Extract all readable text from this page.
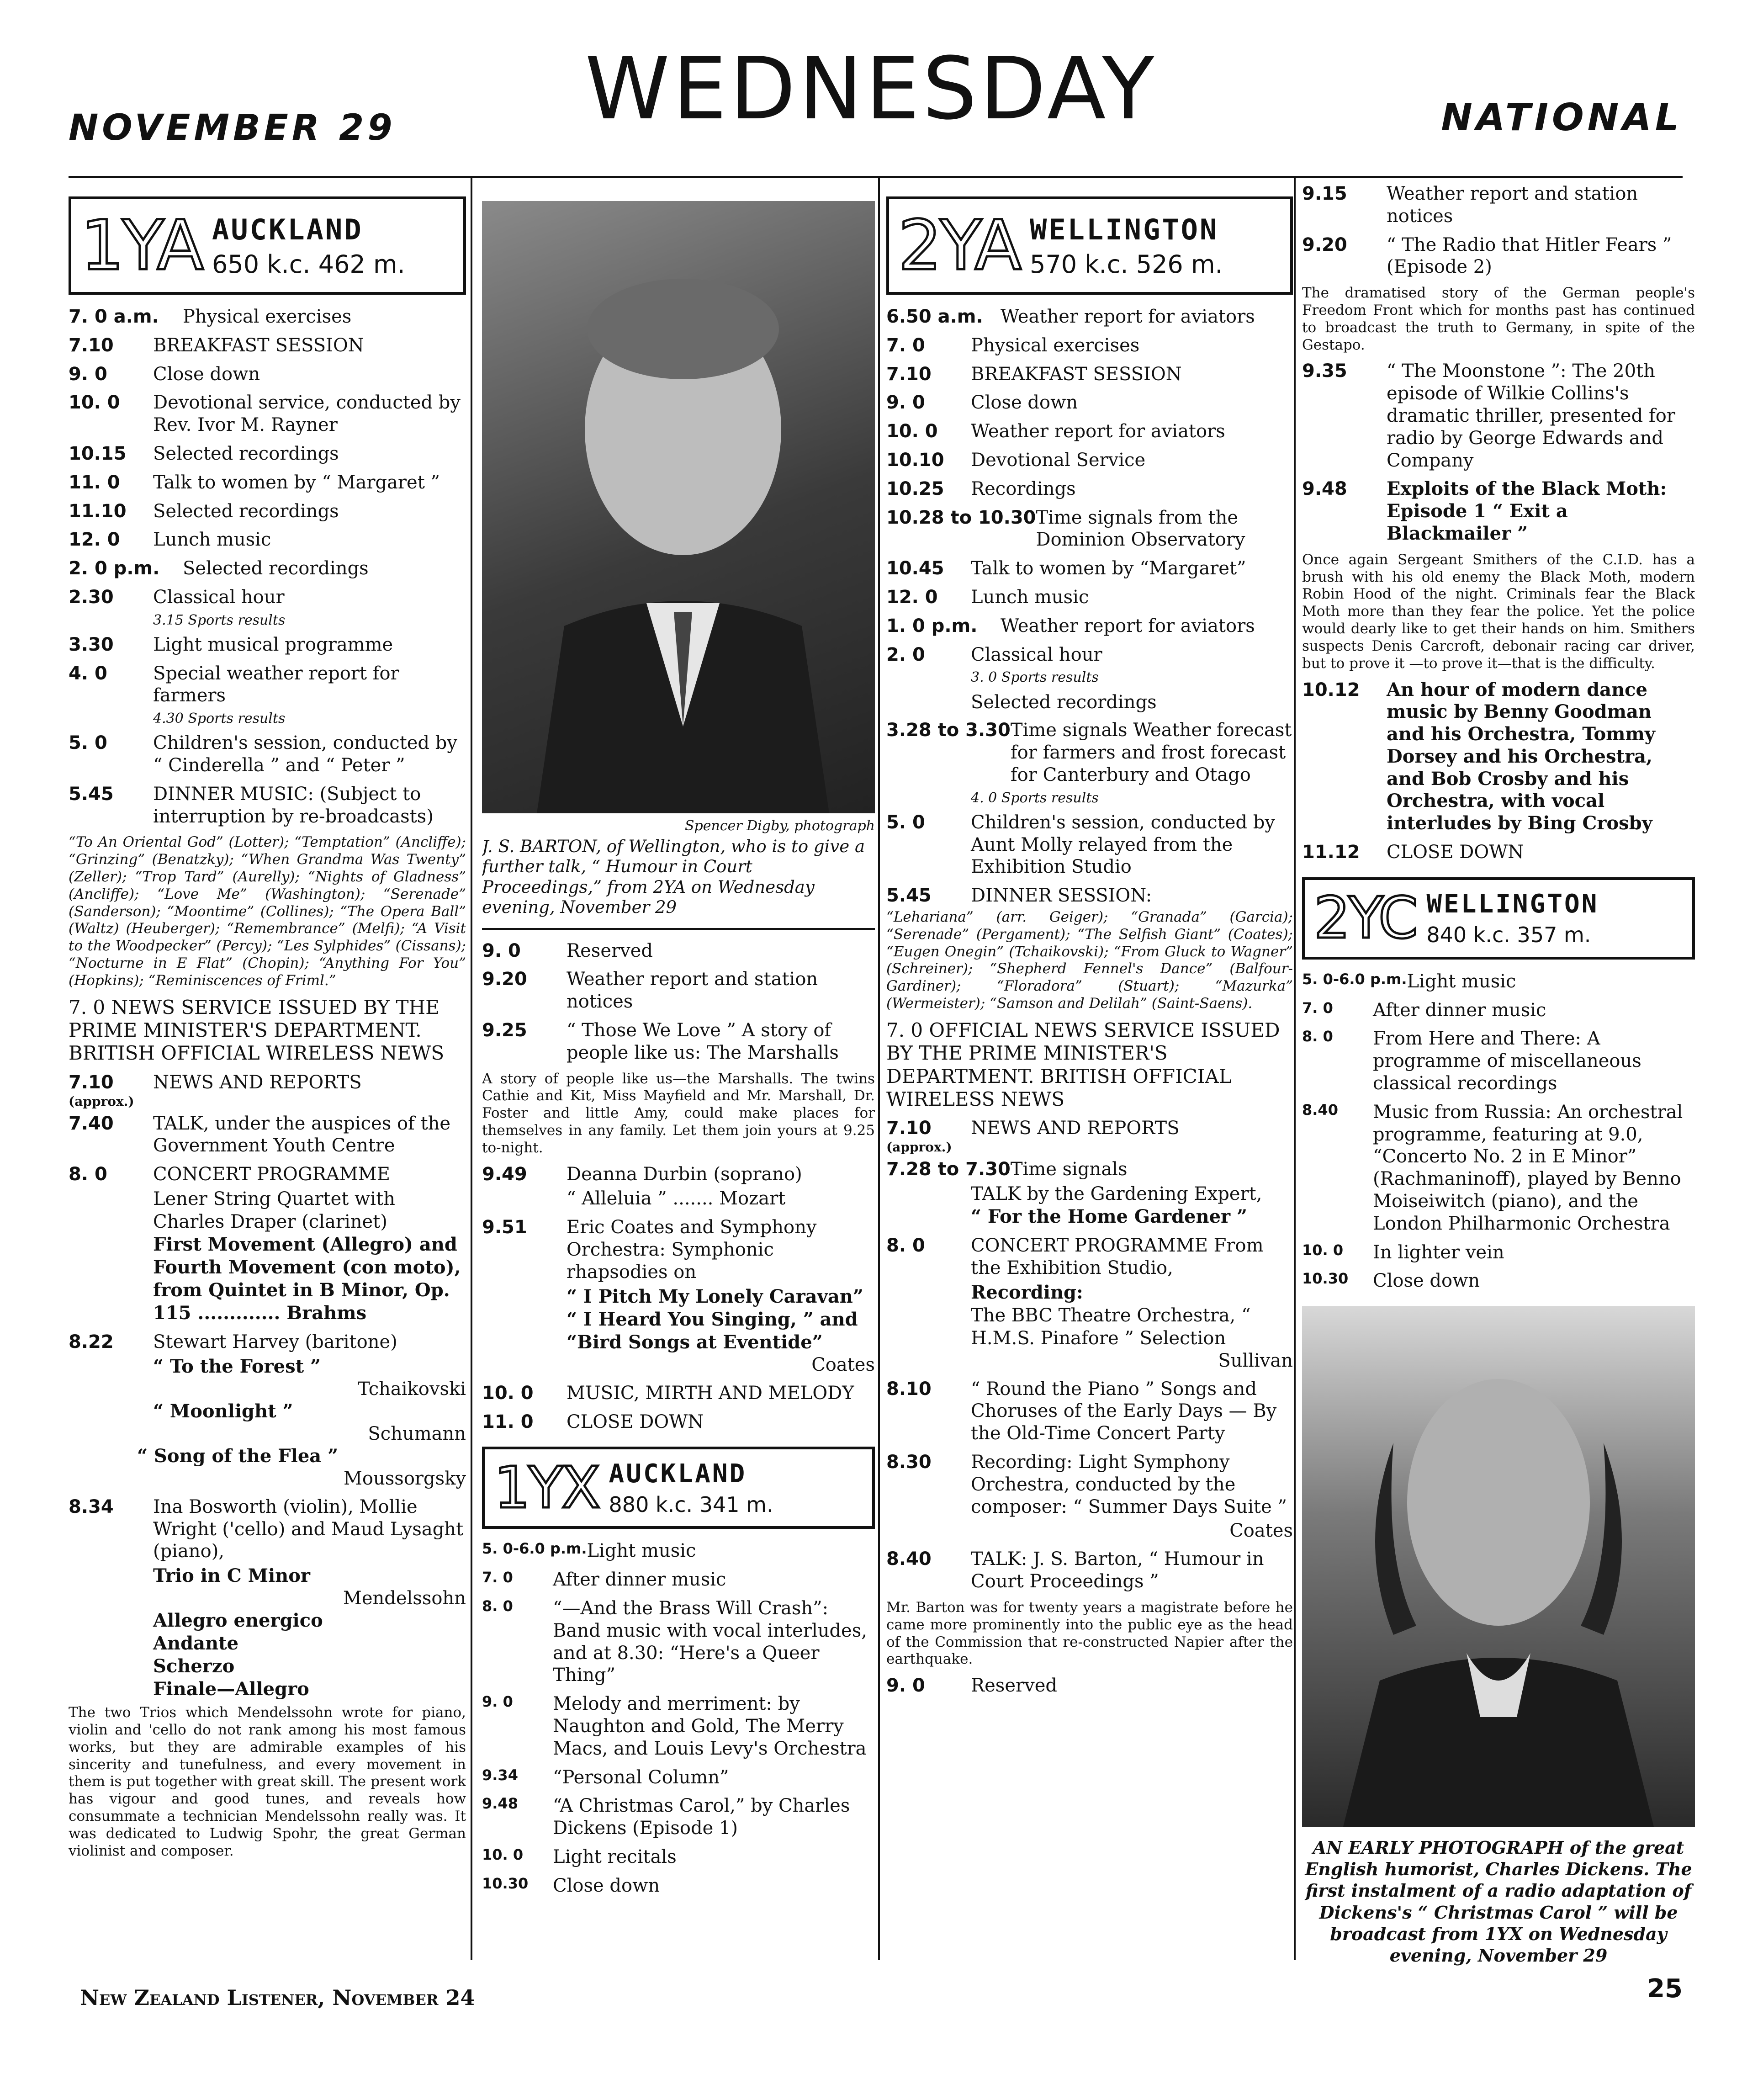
NOVEMBER 29	WEDNESDAY	NATIONAL
1YA AUCKLAND
650 k.c. 462 m.
7. 0 a.m.	Physical exercises
7.10	BREAKFAST SESSION
9. 0	Close down
10. 0	Devotional service, conducted by Rev. Ivor M. Rayner
10.15	Selected recordings
11. 0	Talk to women by “ Margaret ”
11.10	Selected recordings
12. 0	Lunch music
2. 0 p.m.	Selected recordings
2.30	Classical hour
3.15 Sports results
3.30	Light musical programme
4. 0	Special weather report for farmers
4.30 Sports results
5. 0	Children's session, conducted by “ Cinderella ” and “ Peter ”
5.45	DINNER MUSIC: (Subject to interruption by re-broadcasts)
“To An Oriental God” (Lotter); “Temptation” (Ancliffe); “Grinzing” (Benatzky); “When Grandma Was Twenty” (Zeller); “Trop Tard” (Aurelly); “Nights of Gladness” (Ancliffe); “Love Me” (Washington); “Serenade” (Sanderson); “Moontime” (Collines); “The Opera Ball” (Waltz) (Heuberger); “Remembrance” (Melfi); “A Visit to the Woodpecker” (Percy); “Les Sylphides” (Cissans); “Nocturne in E Flat” (Chopin); “Anything For You” (Hopkins); “Reminiscences of Friml.”
7. 0 NEWS SERVICE ISSUED BY THE PRIME MINISTER'S DEPARTMENT. BRITISH OFFICIAL WIRELESS NEWS
7.10	NEWS AND REPORTS
(approx.)
7.40	TALK, under the auspices of the Government Youth Centre
8. 0	CONCERT PROGRAMME
Lener String Quartet with Charles Draper (clarinet)
First Movement (Allegro) and Fourth Movement (con moto), from Quintet in B Minor, Op. 115 ............. Brahms
8.22	Stewart Harvey (baritone)
“ To the Forest ”
Tchaikovski
“ Moonlight ”
Schumann
“ Song of the Flea ”
Moussorgsky
8.34	Ina Bosworth (violin), Mollie Wright ('cello) and Maud Lysaght (piano),
Trio in C Minor
Mendelssohn
Allegro energico
Andante
Scherzo
Finale—Allegro
The two Trios which Mendelssohn wrote for piano, violin and 'cello do not rank among his most famous works, but they are admirable examples of his sincerity and tunefulness, and every movement in them is put together with great skill. The present work has vigour and good tunes, and reveals how consummate a technician Mendelssohn really was. It was dedicated to Ludwig Spohr, the great German violinist and composer.
Spencer Digby, photograph
J. S. BARTON, of Wellington, who is to give a further talk, “ Humour in Court Proceedings,” from 2YA on Wednesday evening, November 29
9. 0	Reserved
9.20	Weather report and station notices
9.25	“ Those We Love ” A story of people like us: The Marshalls
A story of people like us—the Marshalls. The twins Cathie and Kit, Miss Mayfield and Mr. Marshall, Dr. Foster and little Amy, could make places for themselves in any family. Let them join yours at 9.25 to-night.
9.49	Deanna Durbin (soprano)
“ Alleluia ” ....... Mozart
9.51	Eric Coates and Symphony Orchestra: Symphonic rhapsodies on
“ I Pitch My Lonely Caravan”
“ I Heard You Singing, ” and
“Bird Songs at Eventide”
Coates
10. 0	MUSIC, MIRTH AND MELODY
11. 0	CLOSE DOWN
1YX AUCKLAND
880 k.c. 341 m.
5. 0-6.0 p.m. Light music
7. 0	After dinner music
8. 0	“—And the Brass Will Crash”: Band music with vocal interludes, and at 8.30: “Here's a Queer Thing”
9. 0	Melody and merriment: by Naughton and Gold, The Merry Macs, and Louis Levy's Orchestra
9.34	“Personal Column”
9.48	“A Christmas Carol,” by Charles Dickens (Episode 1)
10. 0	Light recitals
10.30	Close down
2YA WELLINGTON
570 k.c. 526 m.
6.50 a.m. Weather report for aviators
7. 0	Physical exercises
7.10	BREAKFAST SESSION
9. 0	Close down
10. 0	Weather report for aviators
10.10	Devotional Service
10.25	Recordings
10.28 to 10.30 Time signals from the Dominion Observatory
10.45	Talk to women by “Margaret”
12. 0	Lunch music
1. 0 p.m.	Weather report for aviators
2. 0	Classical hour
3. 0 Sports results
Selected recordings
3.28 to 3.30 Time signals Weather forecast for farmers and frost forecast for Canterbury and Otago
4. 0 Sports results
5. 0	Children's session, conducted by Aunt Molly relayed from the Exhibition Studio
5.45	DINNER SESSION:
“Lehariana” (arr. Geiger); “Granada” (Garcia); “Serenade” (Pergament); “The Selfish Giant” (Coates); “Eugen Onegin” (Tchaikovski); “From Gluck to Wagner” (Schreiner); “Shepherd Fennel's Dance” (Balfour-Gardiner); “Floradora” (Stuart); “Mazurka” (Wermeister); “Samson and Delilah” (Saint-Saens).
7. 0 OFFICIAL NEWS SERVICE ISSUED BY THE PRIME MINISTER'S DEPARTMENT. BRITISH OFFICIAL WIRELESS NEWS
7.10	NEWS AND REPORTS
(approx.)
7.28 to 7.30 Time signals
TALK by the Gardening Expert,
“ For the Home Gardener ”
8. 0	CONCERT PROGRAMME From the Exhibition Studio,
Recording:
The BBC Theatre Orchestra, “ H.M.S. Pinafore ” Selection
Sullivan
8.10	“ Round the Piano ” Songs and Choruses of the Early Days — By the Old-Time Concert Party
8.30	Recording: Light Symphony Orchestra, conducted by the composer: “ Summer Days Suite ”
Coates
8.40	TALK: J. S. Barton, “ Humour in Court Proceedings ”
Mr. Barton was for twenty years a magistrate before he came more prominently into the public eye as the head of the Commission that re-constructed Napier after the earthquake.
9. 0	Reserved
9.15	Weather report and station notices
9.20	“ The Radio that Hitler Fears ” (Episode 2)
The dramatised story of the German people's Freedom Front which for months past has continued to broadcast the truth to Germany, in spite of the Gestapo.
9.35	“ The Moonstone ”: The 20th episode of Wilkie Collins's dramatic thriller, presented for radio by George Edwards and Company
9.48	Exploits of the Black Moth: Episode 1 “ Exit a Blackmailer ”
Once again Sergeant Smithers of the C.I.D. has a brush with his old enemy the Black Moth, modern Robin Hood of the night. Criminals fear the Black Moth more than they fear the police. Yet the police would dearly like to get their hands on him. Smithers suspects Denis Carcroft, debonair racing car driver, but to prove it —to prove it—that is the difficulty.
10.12	An hour of modern dance music by Benny Goodman and his Orchestra, Tommy Dorsey and his Orchestra, and Bob Crosby and his Orchestra, with vocal interludes by Bing Crosby
11.12	CLOSE DOWN
2YC WELLINGTON
840 k.c. 357 m.
5. 0-6.0 p.m. Light music
7. 0	After dinner music
8. 0	From Here and There: A programme of miscellaneous classical recordings
8.40	Music from Russia: An orchestral programme, featuring at 9.0, “Concerto No. 2 in E Minor” (Rachmaninoff), played by Benno Moiseiwitch (piano), and the London Philharmonic Orchestra
10. 0	In lighter vein
10.30	Close down
AN EARLY PHOTOGRAPH of the great English humorist, Charles Dickens. The first instalment of a radio adaptation of Dickens's “ Christmas Carol ” will be broadcast from 1YX on Wednesday evening, November 29
New Zealand Listener, November 24	25
